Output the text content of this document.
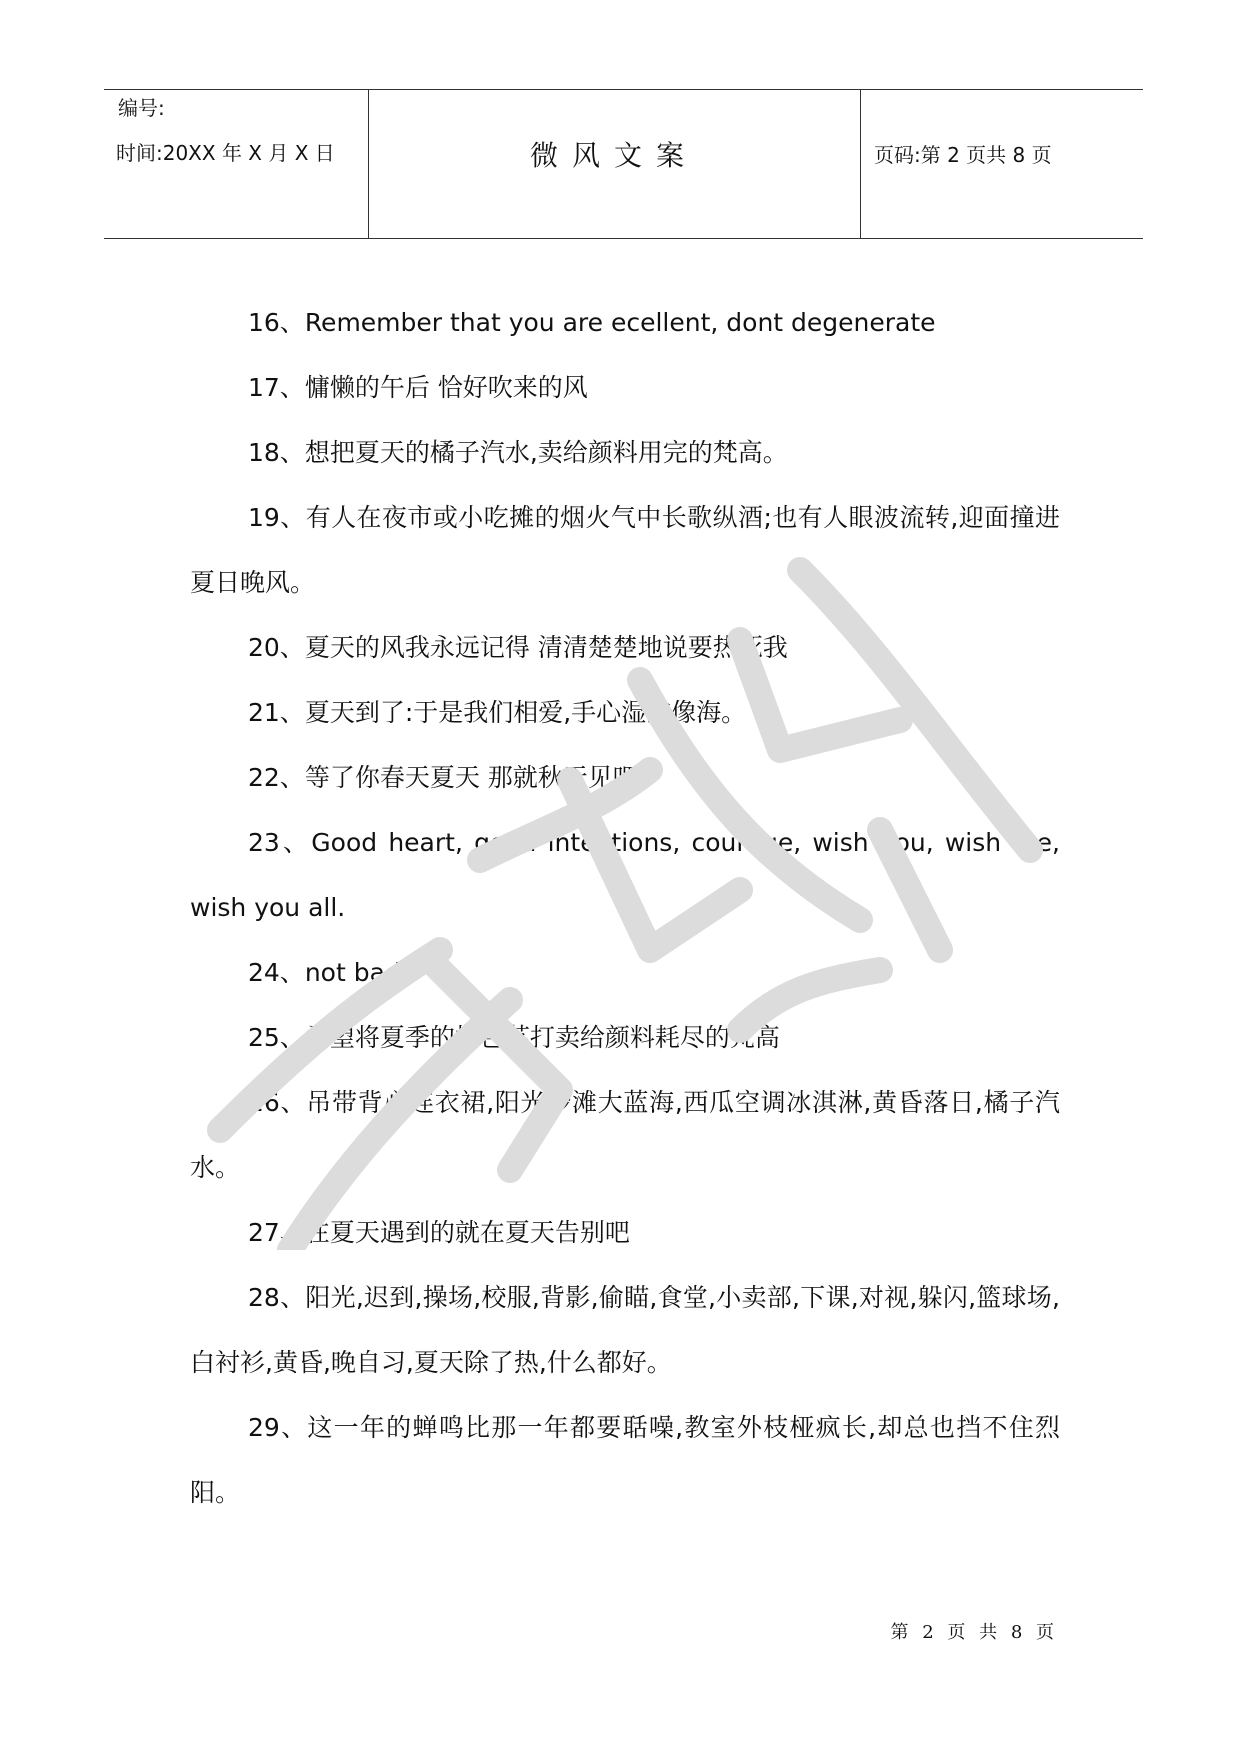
编号:
时间:20XX 年 X 月 X 日	微风文案	页码:第 2 页共 8 页

16、Remember that you are ecellent, dont degenerate

17、慵懒的午后 恰好吹来的风

18、想把夏天的橘子汽水,卖给颜料用完的梵高。

19、有人在夜市或小吃摊的烟火气中长歌纵酒;也有人眼波流转,迎面撞进夏日晚风。

20、夏天的风我永远记得 清清楚楚地说要热死我

21、夏天到了:于是我们相爱,手心湿的像海。

22、等了你春天夏天 那就秋天见吧

23、Good heart, good intentions, courage, wish you, wish me, wish you all.

24、not bad

25、希望将夏季的橙色苏打卖给颜料耗尽的梵高

26、吊带背心连衣裙,阳光沙滩大蓝海,西瓜空调冰淇淋,黄昏落日,橘子汽水。

27、在夏天遇到的就在夏天告别吧

28、阳光,迟到,操场,校服,背影,偷瞄,食堂,小卖部,下课,对视,躲闪,篮球场,白衬衫,黄昏,晚自习,夏天除了热,什么都好。

29、这一年的蝉鸣比那一年都要聒噪,教室外枝桠疯长,却总也挡不住烈阳。

第 2 页 共 8 页
